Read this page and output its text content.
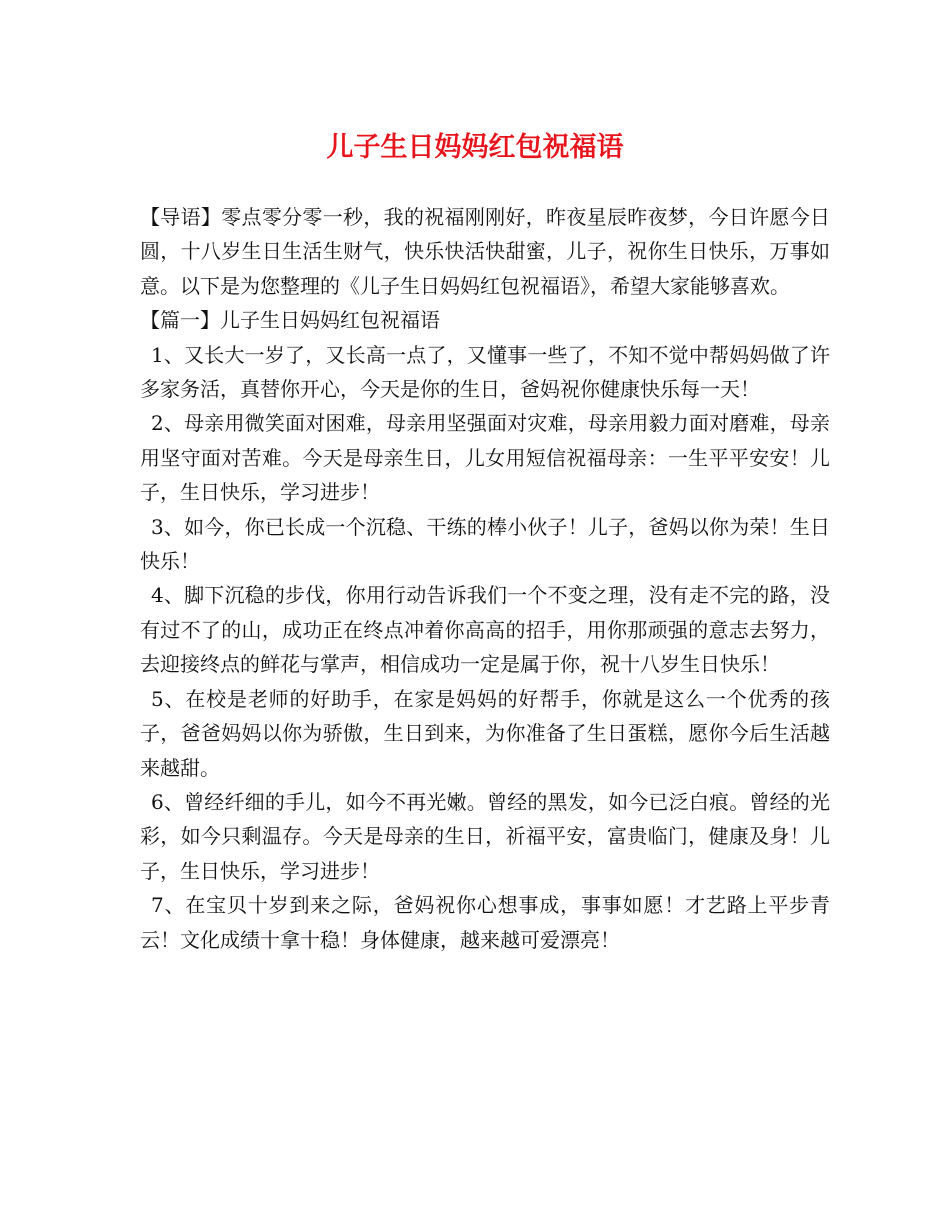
儿子生日妈妈红包祝福语

【导语】零点零分零一秒，我的祝福刚刚好，昨夜星辰昨夜梦，今日许愿今日圆，十八岁生日生活生财气，快乐快活快甜蜜，儿子，祝你生日快乐，万事如意。以下是为您整理的《儿子生日妈妈红包祝福语》，希望大家能够喜欢。

【篇一】儿子生日妈妈红包祝福语

1、又长大一岁了，又长高一点了，又懂事一些了，不知不觉中帮妈妈做了许多家务活，真替你开心，今天是你的生日，爸妈祝你健康快乐每一天！

2、母亲用微笑面对困难，母亲用坚强面对灾难，母亲用毅力面对磨难，母亲用坚守面对苦难。今天是母亲生日，儿女用短信祝福母亲：一生平平安安！儿子，生日快乐，学习进步！

3、如今，你已长成一个沉稳、干练的棒小伙子！儿子，爸妈以你为荣！生日快乐！

4、脚下沉稳的步伐，你用行动告诉我们一个不变之理，没有走不完的路，没有过不了的山，成功正在终点冲着你高高的招手，用你那顽强的意志去努力，去迎接终点的鲜花与掌声，相信成功一定是属于你，祝十八岁生日快乐！

5、在校是老师的好助手，在家是妈妈的好帮手，你就是这么一个优秀的孩子，爸爸妈妈以你为骄傲，生日到来，为你准备了生日蛋糕，愿你今后生活越来越甜。

6、曾经纤细的手儿，如今不再光嫩。曾经的黑发，如今已泛白痕。曾经的光彩，如今只剩温存。今天是母亲的生日，祈福平安，富贵临门，健康及身！儿子，生日快乐，学习进步！

7、在宝贝十岁到来之际，爸妈祝你心想事成，事事如愿！才艺路上平步青云！文化成绩十拿十稳！身体健康，越来越可爱漂亮！
